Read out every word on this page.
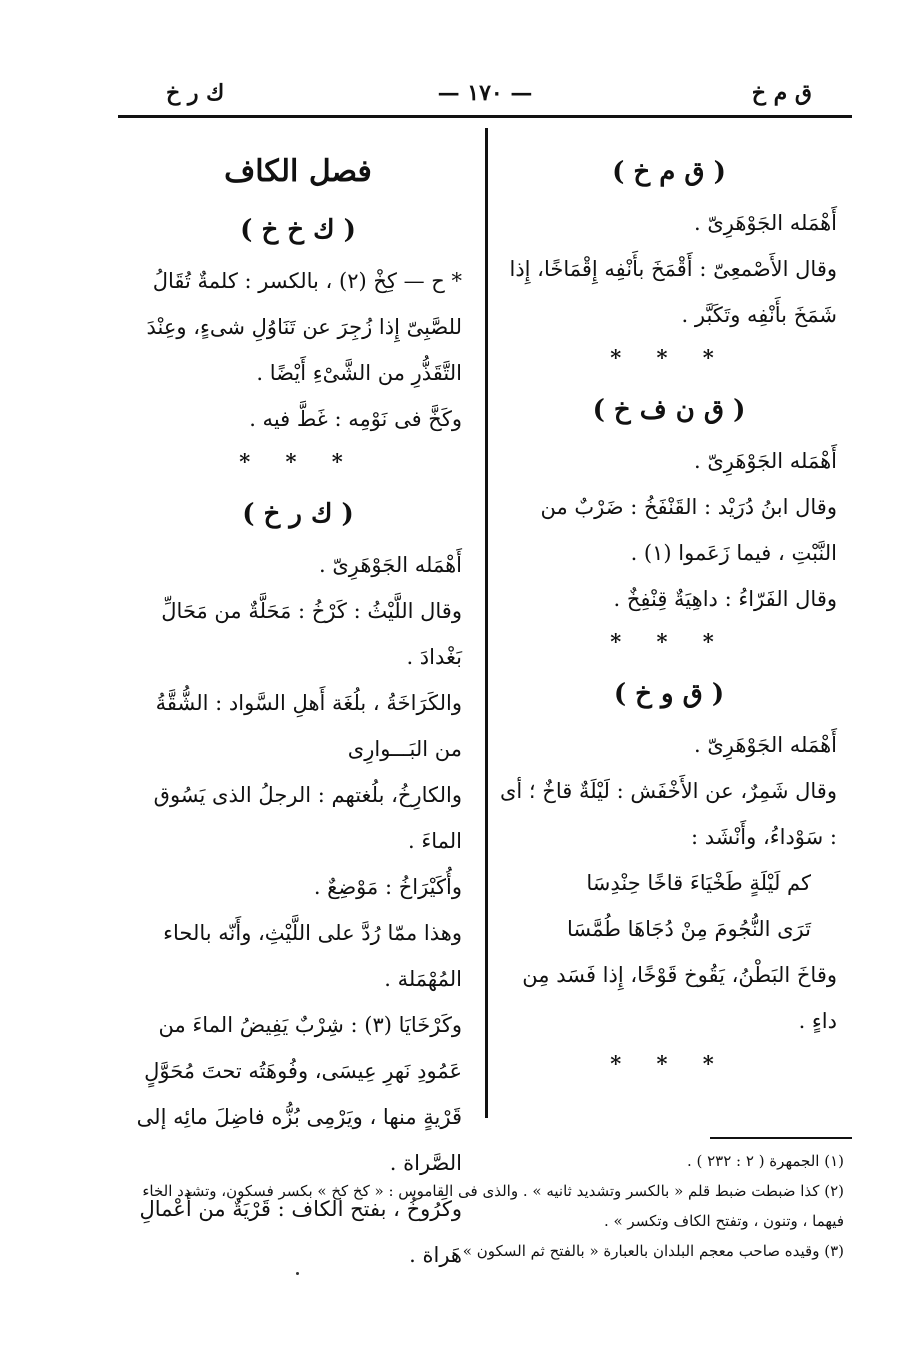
ق م خ
— ١٧٠ —
ك ر خ
( ق م خ )

أَهْمَله الجَوْهَرِىّ .

وقال الأَصْمعِىّ : أَقْمَخَ بأَنْفِه إِقْمَاخًا، إِذا شَمَخَ بأَنْفِه وتَكَبَّر .

* * *
( ق ن ف خ )

أَهْمَله الجَوْهَرِىّ .

وقال ابنُ دُرَيْد : القَنْفَخُ : ضَرْبٌ من النَّبْتِ ، فيما زَعَموا (١) .

وقال الفَرّاءُ : داهِيَةٌ قِنْفِخٌ .

* * *
( ق و خ )

أَهْمَله الجَوْهَرِىّ .

وقال شَمِرٌ، عن الأَخْفَش : لَيْلَةٌ قاخٌ ؛ أى : سَوْداءُ، وأَنْشَد :

كم لَيْلَةٍ طَخْيَاءَ قاخًا حِنْدِسَا

تَرَى النُّجُومَ مِنْ دُجَاهَا طُمَّسَا

وقاخَ البَطْنُ، يَقُوخ قَوْخًا، إِذا فَسَد مِن داءٍ .

* * *
فصل الكاف
( ك خ خ )

* ح — كِخْ (٢) ، بالكسر : كلمةٌ تُقَالُ للصَّبِىّ إِذا زُجِرَ عن تَنَاوُلِ شىءٍ، وعِنْدَ التَّقَذُّرِ من الشَّىْءِ أَيْضًا .

وكَخَّ فى نَوْمِه : غَطَّ فيه .

* * *
( ك ر خ )

أَهْمَله الجَوْهَرِىّ .

وقال اللَّيْثُ : كَرْخُ : مَحَلَّةٌ من مَحَالِّ بَغْدادَ .

والكَرَاخَةُ ، بلُغَة أَهلِ السَّواد : الشُّقَّةُ من البَـــوارِى

والكارِخُ، بلُغتهم : الرجلُ الذى يَسُوق الماءَ .

وأُكَيْرَاخُ : مَوْضِعٌ .

وهذا ممّا رُدَّ على اللَّيْثِ، وأَنّه بالحاء المُهْمَلة .

وكَرْخَايَا (٣) : شِرْبٌ يَفِيضُ الماءَ من عَمُودِ نَهرِ عِيسَى، وفُوهَتُه تحتَ مُحَوَّلٍ قَرْيةٍ منها ، ويَرْمِى بُزُّه فاضِلَ مائِه إلى الصَّراة .

وكَرُوخُ ، بفتح الكاف : قَرْيَةٌ من أَعْمالِ هَراة .

(١) الجمهرة ( ٢ : ٢٣٢ ) .

(٢) كذا ضبطت ضبط قلم « بالكسر وتشديد ثانيه » . والذى فى القاموس : « كخ كخ » بكسر فسكون، وتشدد الخاء فيهما ، وتنون ، وتفتح الكاف وتكسر » .

(٣) وقيده صاحب معجم البلدان بالعبارة « بالفتح ثم السكون » .
